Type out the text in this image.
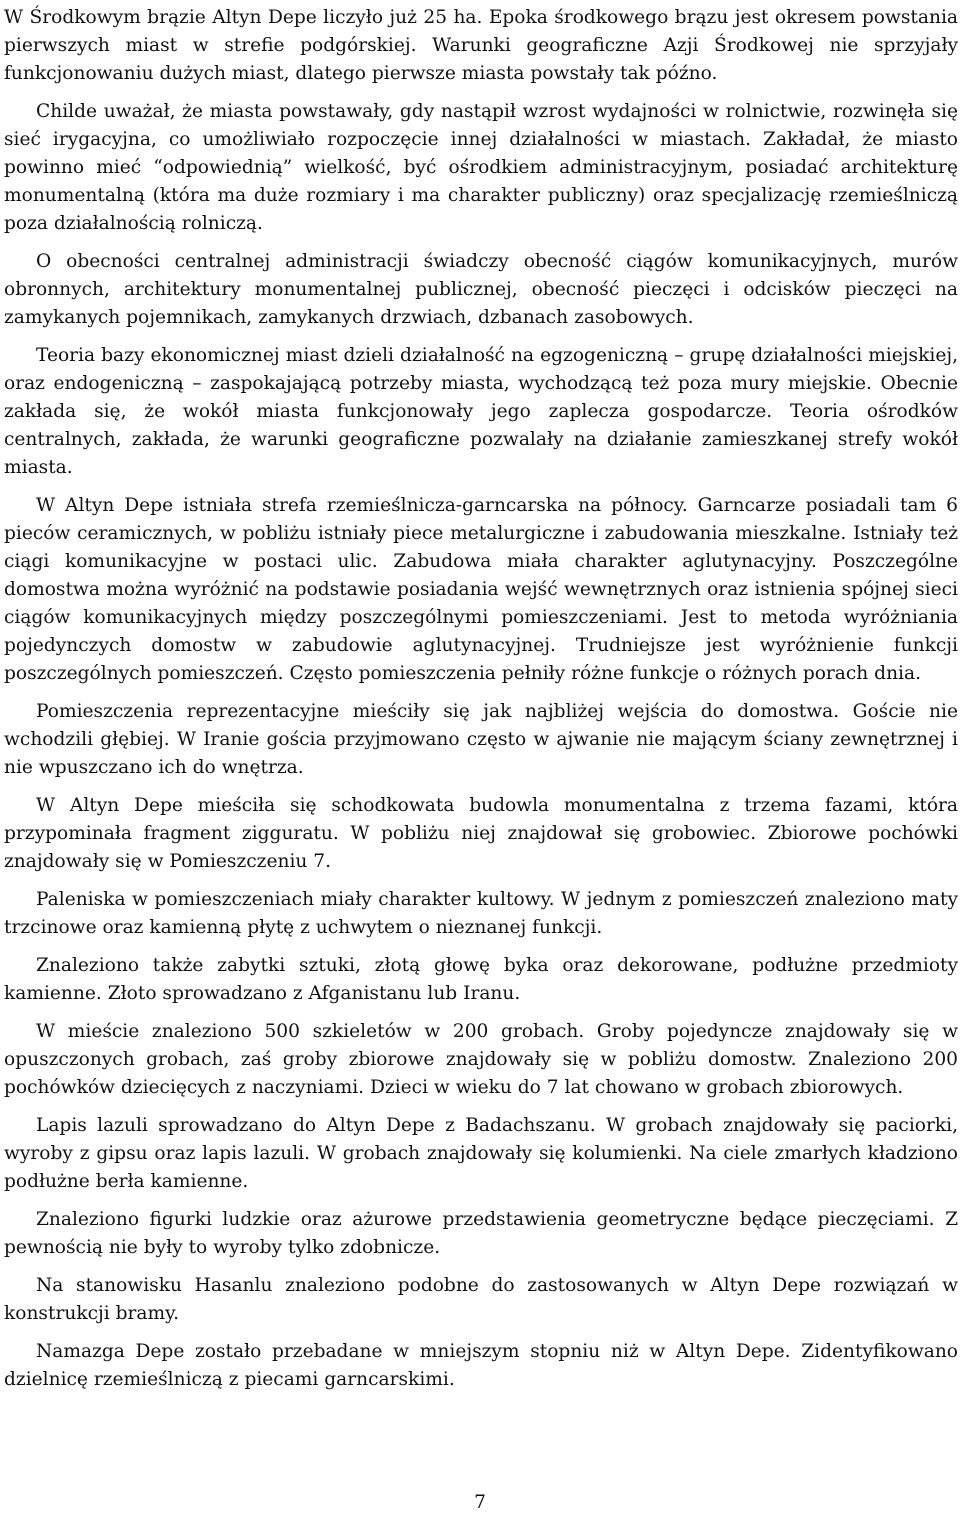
W Środkowym brązie Altyn Depe liczyło już 25 ha. Epoka środkowego brązu jest okresem powstania pierwszych miast w strefie podgórskiej. Warunki geograficzne Azji Środkowej nie sprzyjały funkcjonowaniu dużych miast, dlatego pierwsze miasta powstały tak późno.

Childe uważał, że miasta powstawały, gdy nastąpił wzrost wydajności w rolnictwie, rozwinęła się sieć irygacyjna, co umożliwiało rozpoczęcie innej działalności w miastach. Zakładał, że miasto powinno mieć “odpowiednią” wielkość, być ośrodkiem administracyjnym, posiadać architekturę monumentalną (która ma duże rozmiary i ma charakter publiczny) oraz specjalizację rzemieślniczą poza działalnością rolniczą.

O obecności centralnej administracji świadczy obecność ciągów komunikacyjnych, murów obronnych, architektury monumentalnej publicznej, obecność pieczęci i odcisków pieczęci na zamykanych pojemnikach, zamykanych drzwiach, dzbanach zasobowych.

Teoria bazy ekonomicznej miast dzieli działalność na egzogeniczną – grupę działalności miejskiej, oraz endogeniczną – zaspokajającą potrzeby miasta, wychodzącą też poza mury miejskie. Obecnie zakłada się, że wokół miasta funkcjonowały jego zaplecza gospodarcze. Teoria ośrodków centralnych, zakłada, że warunki geograficzne pozwalały na działanie zamieszkanej strefy wokół miasta.

W Altyn Depe istniała strefa rzemieślnicza-garncarska na północy. Garncarze posiadali tam 6 pieców ceramicznych, w pobliżu istniały piece metalurgiczne i zabudowania mieszkalne. Istniały też ciągi komunikacyjne w postaci ulic. Zabudowa miała charakter aglutynacyjny. Poszczególne domostwa można wyróżnić na podstawie posiadania wejść wewnętrznych oraz istnienia spójnej sieci ciągów komunikacyjnych między poszczególnymi pomieszczeniami. Jest to metoda wyróżniania pojedynczych domostw w zabudowie aglutynacyjnej. Trudniejsze jest wyróżnienie funkcji poszczególnych pomieszczeń. Często pomieszczenia pełniły różne funkcje o różnych porach dnia.

Pomieszczenia reprezentacyjne mieściły się jak najbliżej wejścia do domostwa. Goście nie wchodzili głębiej. W Iranie gościa przyjmowano często w ajwanie nie mającym ściany zewnętrznej i nie wpuszczano ich do wnętrza.

W Altyn Depe mieściła się schodkowata budowla monumentalna z trzema fazami, która przypominała fragment zigguratu. W pobliżu niej znajdował się grobowiec. Zbiorowe pochówki znajdowały się w Pomieszczeniu 7.

Paleniska w pomieszczeniach miały charakter kultowy. W jednym z pomieszczeń znaleziono maty trzcinowe oraz kamienną płytę z uchwytem o nieznanej funkcji.

Znaleziono także zabytki sztuki, złotą głowę byka oraz dekorowane, podłużne przedmioty kamienne. Złoto sprowadzano z Afganistanu lub Iranu.

W mieście znaleziono 500 szkieletów w 200 grobach. Groby pojedyncze znajdowały się w opuszczonych grobach, zaś groby zbiorowe znajdowały się w pobliżu domostw. Znaleziono 200 pochówków dziecięcych z naczyniami. Dzieci w wieku do 7 lat chowano w grobach zbiorowych.

Lapis lazuli sprowadzano do Altyn Depe z Badachszanu. W grobach znajdowały się paciorki, wyroby z gipsu oraz lapis lazuli. W grobach znajdowały się kolumienki. Na ciele zmarłych kładziono podłużne berła kamienne.

Znaleziono figurki ludzkie oraz ażurowe przedstawienia geometryczne będące pieczęciami. Z pewnością nie były to wyroby tylko zdobnicze.

Na stanowisku Hasanlu znaleziono podobne do zastosowanych w Altyn Depe rozwiązań w konstrukcji bramy.

Namazga Depe zostało przebadane w mniejszym stopniu niż w Altyn Depe. Zidentyfikowano dzielnicę rzemieślniczą z piecami garncarskimi.

7
